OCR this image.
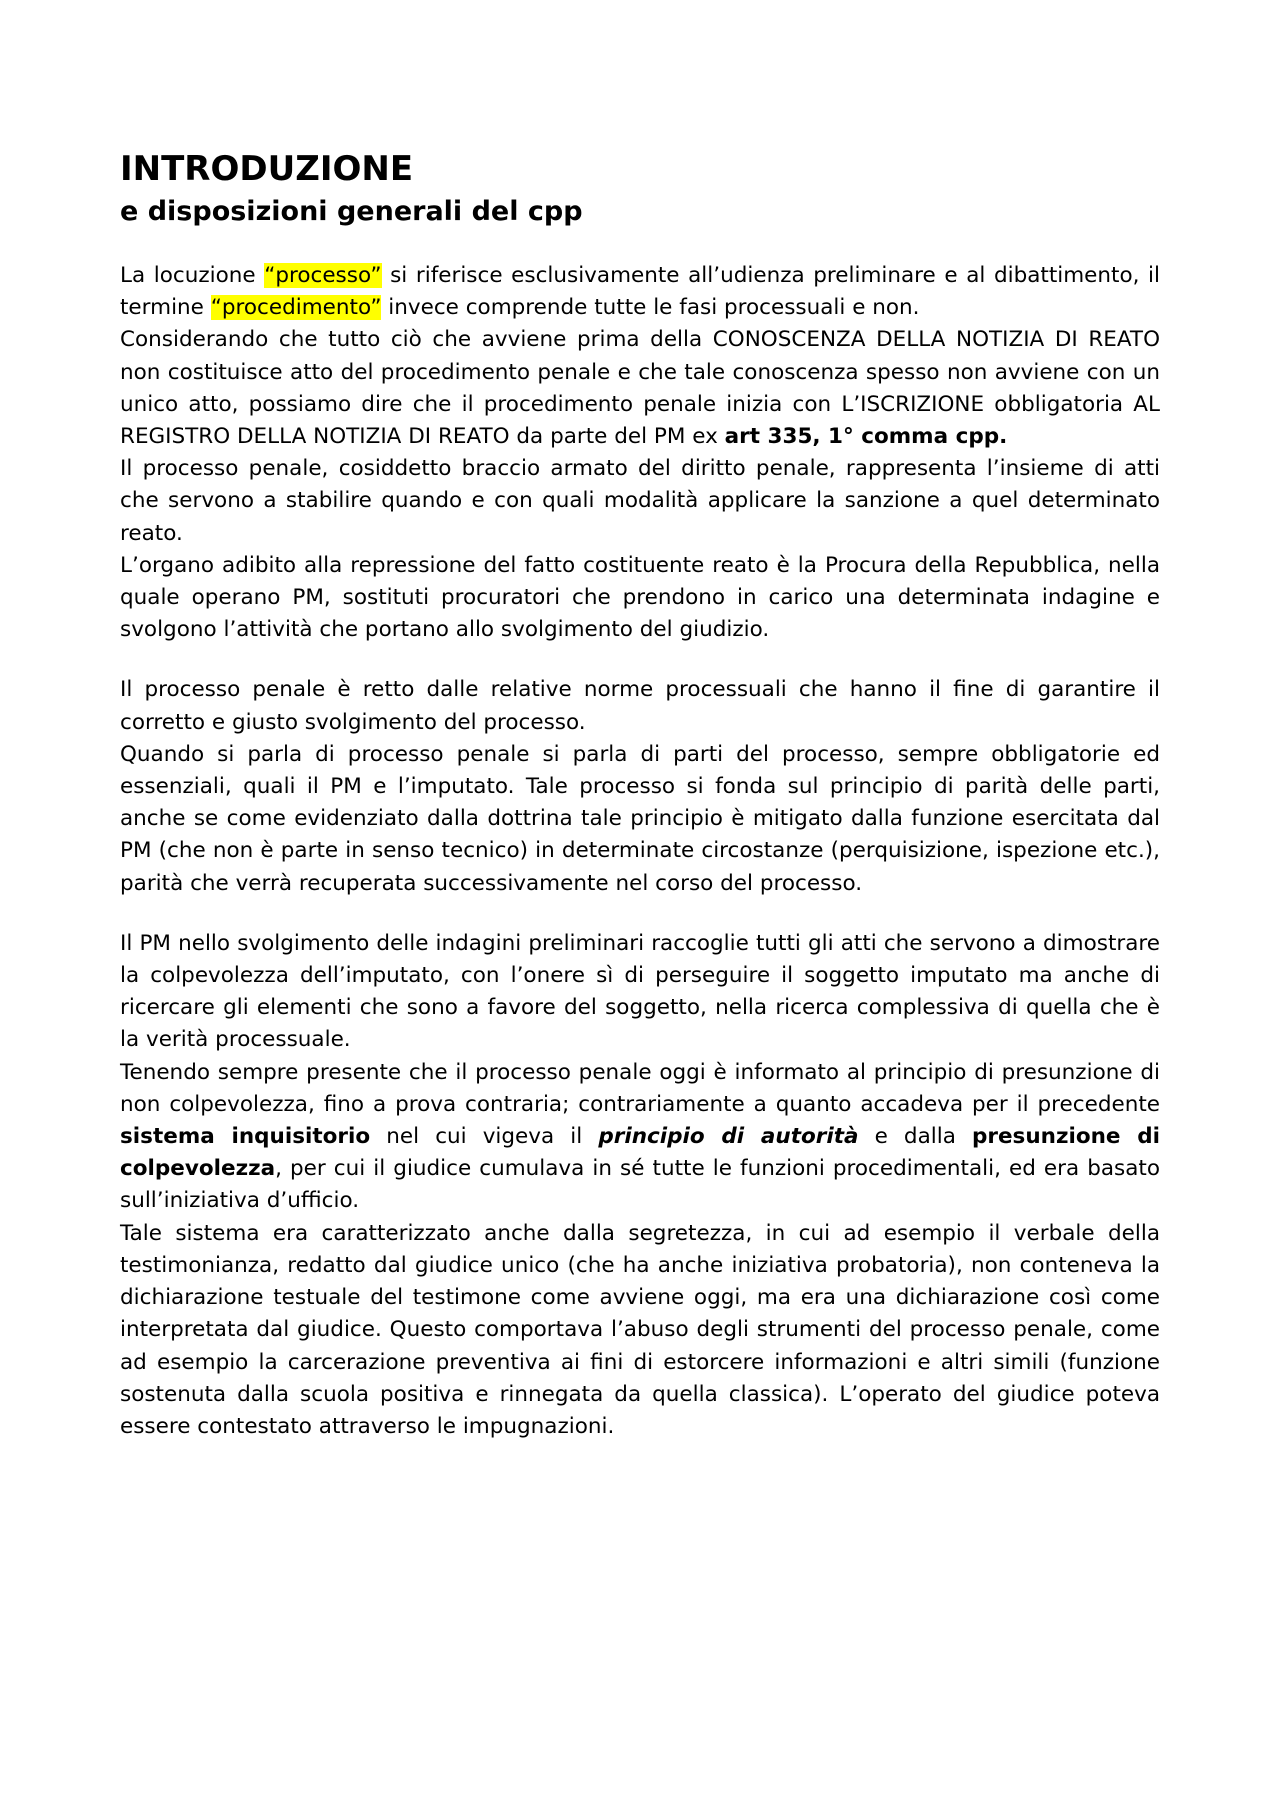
INTRODUZIONE
e disposizioni generali del cpp

La locuzione “processo” si riferisce esclusivamente all’udienza preliminare e al dibattimento, il termine “procedimento” invece comprende tutte le fasi processuali e non.

Considerando che tutto ciò che avviene prima della CONOSCENZA DELLA NOTIZIA DI REATO non costituisce atto del procedimento penale e che tale conoscenza spesso non avviene con un unico atto, possiamo dire che il procedimento penale inizia con L’ISCRIZIONE obbligatoria AL REGISTRO DELLA NOTIZIA DI REATO da parte del PM ex art 335, 1° comma cpp.

Il processo penale, cosiddetto braccio armato del diritto penale, rappresenta l’insieme di atti che servono a stabilire quando e con quali modalità applicare la sanzione a quel determinato reato.

L’organo adibito alla repressione del fatto costituente reato è la Procura della Repubblica, nella quale operano PM, sostituti procuratori che prendono in carico una determinata indagine e svolgono l’attività che portano allo svolgimento del giudizio.

Il processo penale è retto dalle relative norme processuali che hanno il fine di garantire il corretto e giusto svolgimento del processo.

Quando si parla di processo penale si parla di parti del processo, sempre obbligatorie ed essenziali, quali il PM e l’imputato. Tale processo si fonda sul principio di parità delle parti, anche se come evidenziato dalla dottrina tale principio è mitigato dalla funzione esercitata dal PM (che non è parte in senso tecnico) in determinate circostanze (perquisizione, ispezione etc.), parità che verrà recuperata successivamente nel corso del processo.

Il PM nello svolgimento delle indagini preliminari raccoglie tutti gli atti che servono a dimostrare la colpevolezza dell’imputato, con l’onere sì di perseguire il soggetto imputato ma anche di ricercare gli elementi che sono a favore del soggetto, nella ricerca complessiva di quella che è la verità processuale.

Tenendo sempre presente che il processo penale oggi è informato al principio di presunzione di non colpevolezza, fino a prova contraria; contrariamente a quanto accadeva per il precedente sistema inquisitorio nel cui vigeva il principio di autorità e dalla presunzione di colpevolezza, per cui il giudice cumulava in sé tutte le funzioni procedimentali, ed era basato sull’iniziativa d’ufficio.

Tale sistema era caratterizzato anche dalla segretezza, in cui ad esempio il verbale della testimonianza, redatto dal giudice unico (che ha anche iniziativa probatoria), non conteneva la dichiarazione testuale del testimone come avviene oggi, ma era una dichiarazione così come interpretata dal giudice. Questo comportava l’abuso degli strumenti del processo penale, come ad esempio la carcerazione preventiva ai fini di estorcere informazioni e altri simili (funzione sostenuta dalla scuola positiva e rinnegata da quella classica). L’operato del giudice poteva essere contestato attraverso le impugnazioni.
